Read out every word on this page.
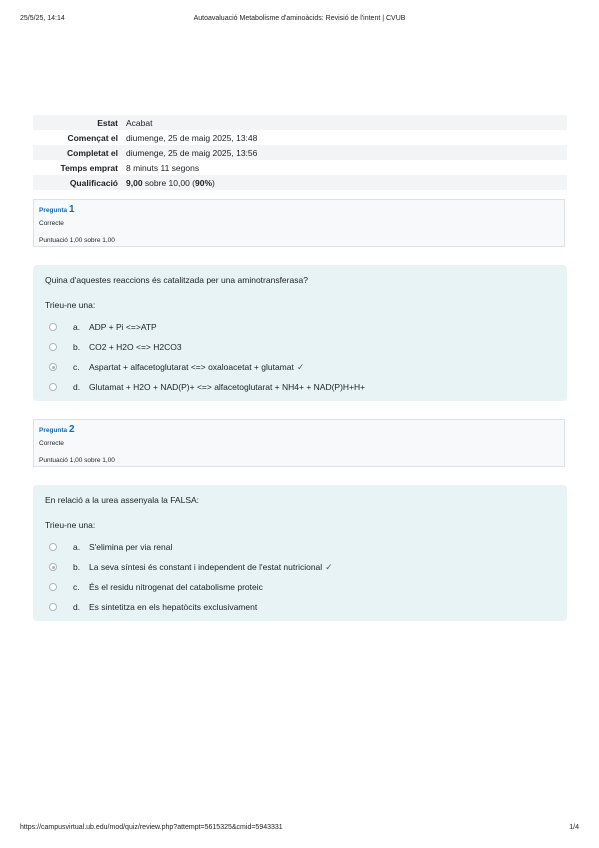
25/5/25, 14:14	Autoavaluació Metabolisme d'aminoàcids: Revisió de l'intent | CVUB
Estat	Acabat
Començat el	diumenge, 25 de maig 2025, 13:48
Completat el	diumenge, 25 de maig 2025, 13:56
Temps emprat	8 minuts 11 segons
Qualificació	9,00 sobre 10,00 (90%)
Pregunta 1
Correcte
Puntuació 1,00 sobre 1,00
Quina d'aquestes reaccions és catalitzada per una aminotransferasa?
Trieu-ne una:
a. ADP + Pi <=>ATP
b. CO2 + H2O <=> H2CO3
c. Aspartat + alfacetoglutarat <=> oxaloacetat + glutamat ✓
d. Glutamat + H2O + NAD(P)+ <=> alfacetoglutarat + NH4+ + NAD(P)H+H+
Pregunta 2
Correcte
Puntuació 1,00 sobre 1,00
En relació a la urea assenyala la FALSA:
Trieu-ne una:
a. S'elimina per via renal
b. La seva síntesi és constant i independent de l'estat nutricional ✓
c. És el residu nitrogenat del catabolisme proteic
d. Es sintetitza en els hepatòcits exclusivament
https://campusvirtual.ub.edu/mod/quiz/review.php?attempt=5615325&cmid=5943331	1/4
